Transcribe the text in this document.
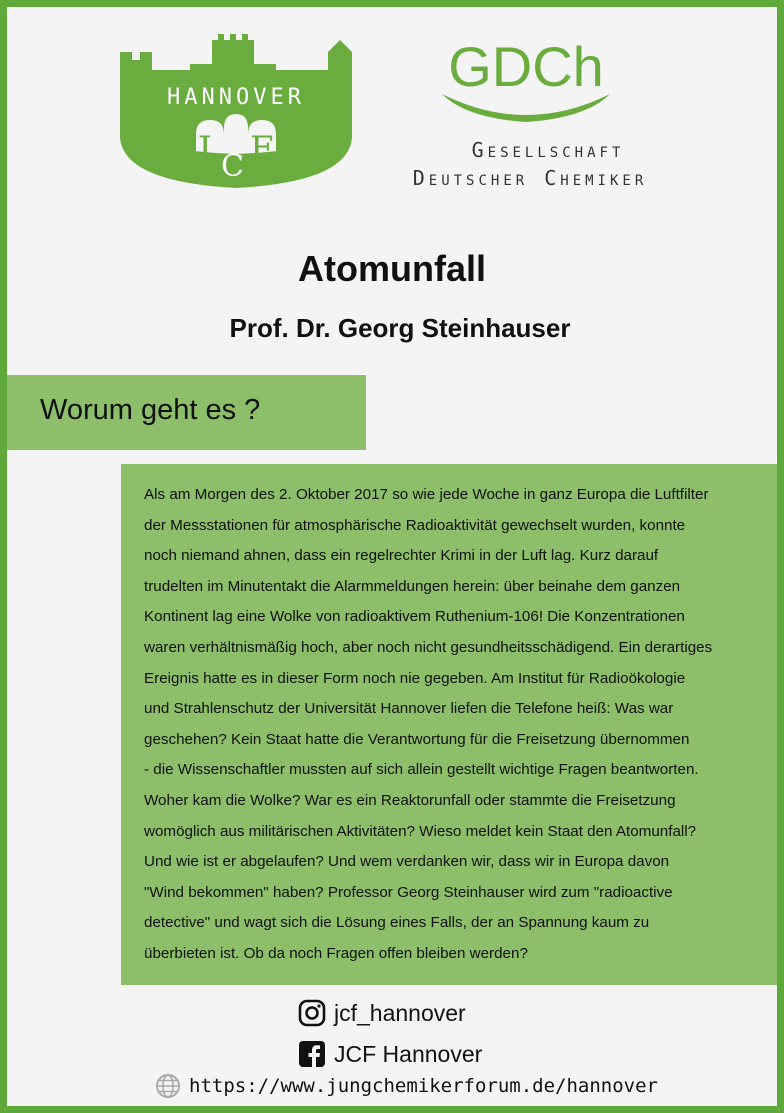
HANNOVER
J C F
GDCh
Gesellschaft
Deutscher Chemiker
Atomunfall
Prof. Dr. Georg Steinhauser
Worum geht es ?
Als am Morgen des 2. Oktober 2017 so wie jede Woche in ganz Europa die Luftfilter
der Messstationen für atmosphärische Radioaktivität gewechselt wurden, konnte
noch niemand ahnen, dass ein regelrechter Krimi in der Luft lag. Kurz darauf
trudelten im Minutentakt die Alarmmeldungen herein: über beinahe dem ganzen
Kontinent lag eine Wolke von radioaktivem Ruthenium-106! Die Konzentrationen
waren verhältnismäßig hoch, aber noch nicht gesundheitsschädigend. Ein derartiges
Ereignis hatte es in dieser Form noch nie gegeben. Am Institut für Radioökologie
und Strahlenschutz der Universität Hannover liefen die Telefone heiß: Was war
geschehen? Kein Staat hatte die Verantwortung für die Freisetzung übernommen
- die Wissenschaftler mussten auf sich allein gestellt wichtige Fragen beantworten.
Woher kam die Wolke? War es ein Reaktorunfall oder stammte die Freisetzung
womöglich aus militärischen Aktivitäten? Wieso meldet kein Staat den Atomunfall?
Und wie ist er abgelaufen? Und wem verdanken wir, dass wir in Europa davon
"Wind bekommen" haben? Professor Georg Steinhauser wird zum "radioactive
detective" und wagt sich die Lösung eines Falls, der an Spannung kaum zu
überbieten ist. Ob da noch Fragen offen bleiben werden?
jcf_hannover
JCF Hannover
https://www.jungchemikerforum.de/hannover
